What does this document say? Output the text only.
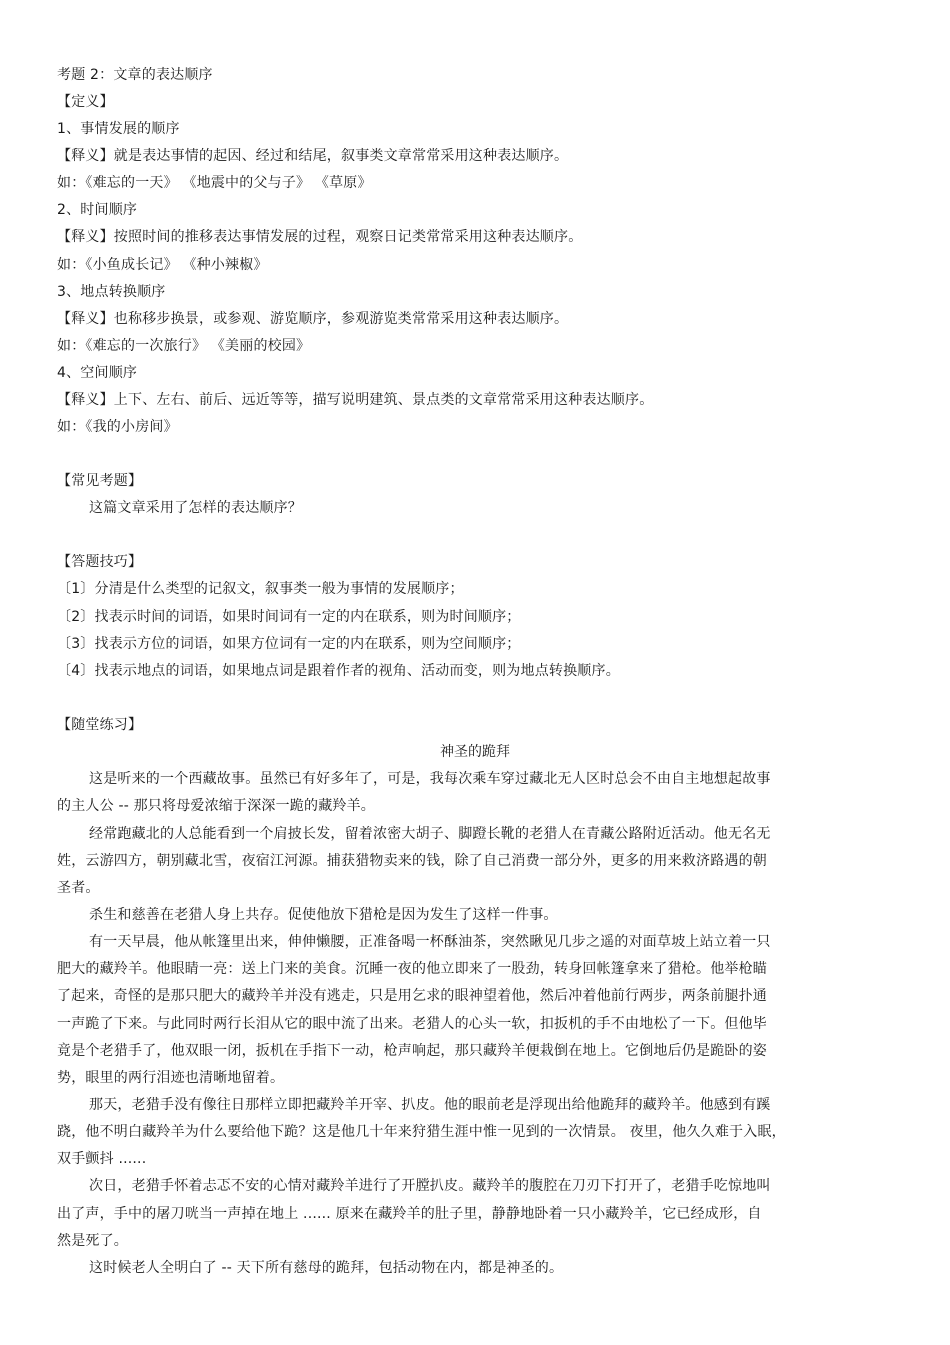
考题 2：文章的表达顺序
【定义】
1、事情发展的顺序
【释义】就是表达事情的起因、经过和结尾，叙事类文章常常采用这种表达顺序。
如：《难忘的一天》 《地震中的父与子》 《草原》
2、时间顺序
【释义】按照时间的推移表达事情发展的过程，观察日记类常常采用这种表达顺序。
如：《小鱼成长记》 《种小辣椒》
3、地点转换顺序
【释义】也称移步换景，或参观、游览顺序，参观游览类常常采用这种表达顺序。
如：《难忘的一次旅行》 《美丽的校园》
4、空间顺序
【释义】上下、左右、前后、远近等等，描写说明建筑、景点类的文章常常采用这种表达顺序。
如：《我的小房间》
【常见考题】
这篇文章采用了怎样的表达顺序？
【答题技巧】
〔1〕分清是什么类型的记叙文，叙事类一般为事情的发展顺序；
〔2〕找表示时间的词语，如果时间词有一定的内在联系，则为时间顺序；
〔3〕找表示方位的词语，如果方位词有一定的内在联系，则为空间顺序；
〔4〕找表示地点的词语，如果地点词是跟着作者的视角、活动而变，则为地点转换顺序。
【随堂练习】
神圣的跪拜
这是听来的一个西藏故事。虽然已有好多年了，可是，我每次乘车穿过藏北无人区时总会不由自主地想起故事
的主人公 -- 那只将母爱浓缩于深深一跪的藏羚羊。
经常跑藏北的人总能看到一个肩披长发，留着浓密大胡子、脚蹬长靴的老猎人在青藏公路附近活动。他无名无
姓，云游四方，朝别藏北雪，夜宿江河源。捕获猎物卖来的钱，除了自己消费一部分外，更多的用来救济路遇的朝
圣者。
杀生和慈善在老猎人身上共存。促使他放下猎枪是因为发生了这样一件事。
有一天早晨，他从帐篷里出来，伸伸懒腰，正准备喝一杯酥油茶，突然瞅见几步之遥的对面草坡上站立着一只
肥大的藏羚羊。他眼睛一亮：送上门来的美食。沉睡一夜的他立即来了一股劲，转身回帐篷拿来了猎枪。他举枪瞄
了起来，奇怪的是那只肥大的藏羚羊并没有逃走，只是用乞求的眼神望着他，然后冲着他前行两步，两条前腿扑通
一声跪了下来。与此同时两行长泪从它的眼中流了出来。老猎人的心头一软，扣扳机的手不由地松了一下。但他毕
竟是个老猎手了，他双眼一闭，扳机在手指下一动，枪声响起，那只藏羚羊便栽倒在地上。它倒地后仍是跪卧的姿
势，眼里的两行泪迹也清晰地留着。
那天，老猎手没有像往日那样立即把藏羚羊开宰、扒皮。他的眼前老是浮现出给他跪拜的藏羚羊。他感到有蹊
跷，他不明白藏羚羊为什么要给他下跪？这是他几十年来狩猎生涯中惟一见到的一次情景。 夜里，他久久难于入眠，
双手颤抖 ......
次日，老猎手怀着忐忑不安的心情对藏羚羊进行了开膛扒皮。藏羚羊的腹腔在刀刃下打开了，老猎手吃惊地叫
出了声，手中的屠刀咣当一声掉在地上 ...... 原来在藏羚羊的肚子里，静静地卧着一只小藏羚羊，它已经成形，自
然是死了。
这时候老人全明白了 -- 天下所有慈母的跪拜，包括动物在内，都是神圣的。
